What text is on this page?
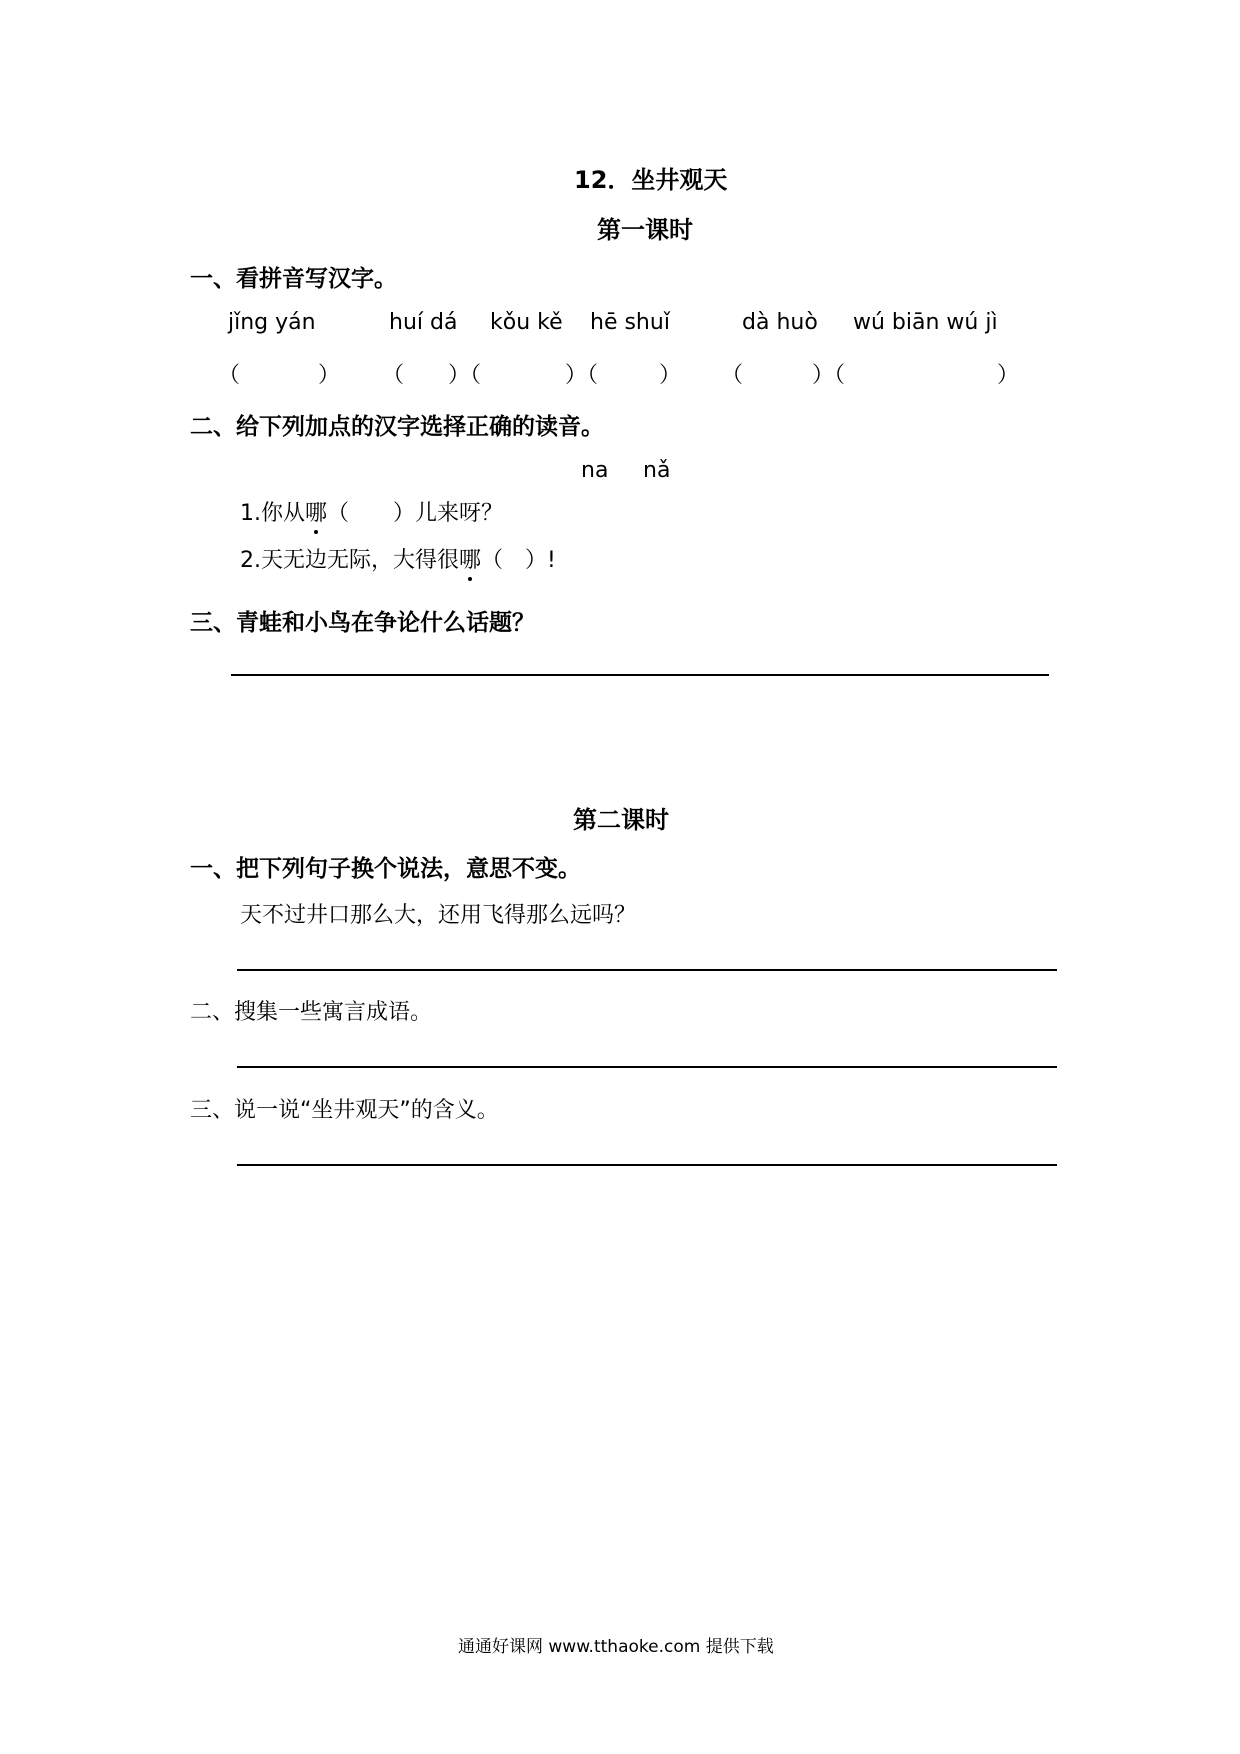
12．坐井观天
第一课时
一、看拼音写汉字。
jǐng yán	huí dá kǒu kě hē shuǐ	dà huò wú biān wú jì
（	） （ ）（	）（	） （	）（	）
二、给下列加点的汉字选择正确的读音。
na nǎ
1.你从哪（　　）儿来呀？
2.天无边无际，大得很哪（　）!
三、青蛙和小鸟在争论什么话题？
第二课时
一、把下列句子换个说法，意思不变。
天不过井口那么大，还用飞得那么远吗？
二、搜集一些寓言成语。
三、说一说“坐井观天”的含义。
通通好课网 www.tthaoke.com 提供下载
